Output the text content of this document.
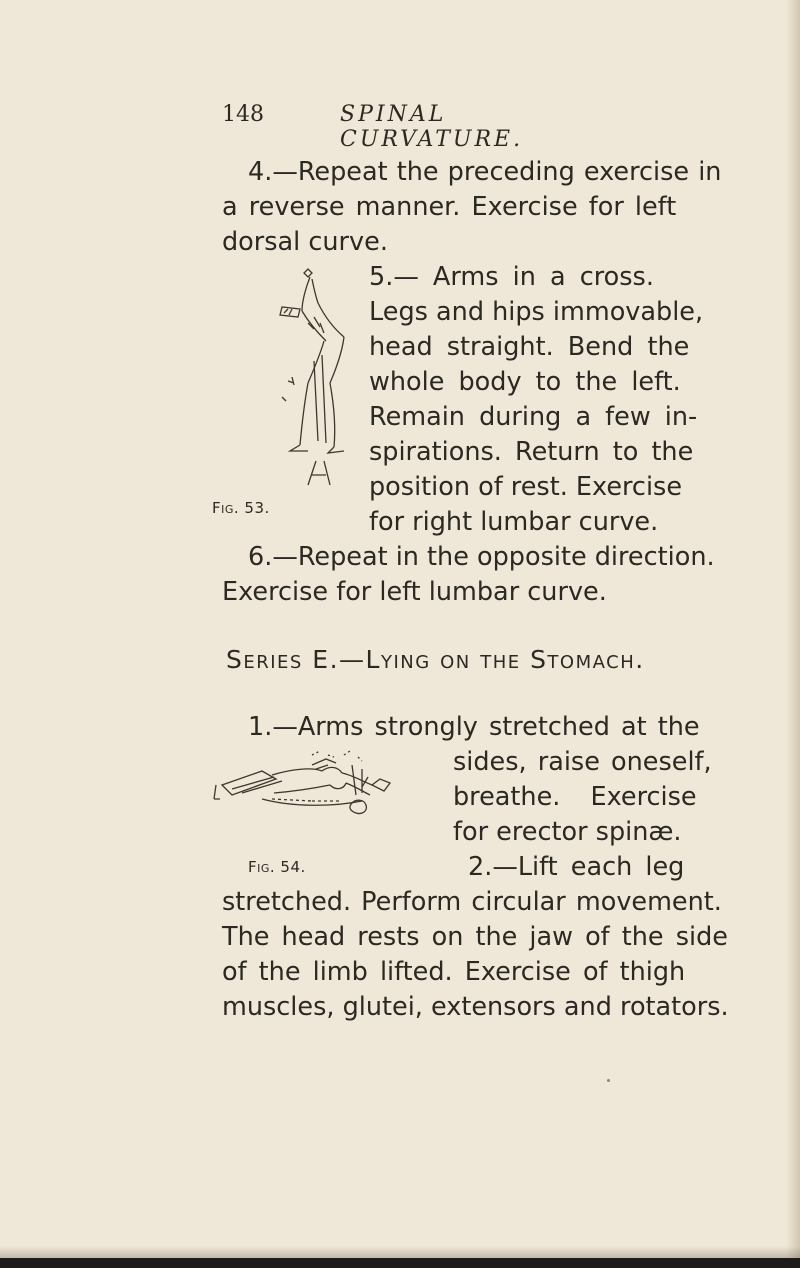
148	SPINAL CURVATURE.
4.—Repeat the preceding exercise in
a reverse manner. Exercise for left
dorsal curve.
Fig. 53.
5.— Arms in a cross.
Legs and hips immovable,
head straight. Bend the
whole body to the left.
Remain during a few in-
spirations. Return to the
position of rest. Exercise
for right lumbar curve.
6.—Repeat in the opposite direction.
Exercise for left lumbar curve.
Series E.—Lying on the Stomach.
1.—Arms strongly stretched at the
sides, raise oneself,
breathe. Exercise
for erector spinæ.
Fig. 54.	2.—Lift each leg
stretched. Perform circular movement.
The head rests on the jaw of the side
of the limb lifted. Exercise of thigh
muscles, glutei, extensors and rotators.
